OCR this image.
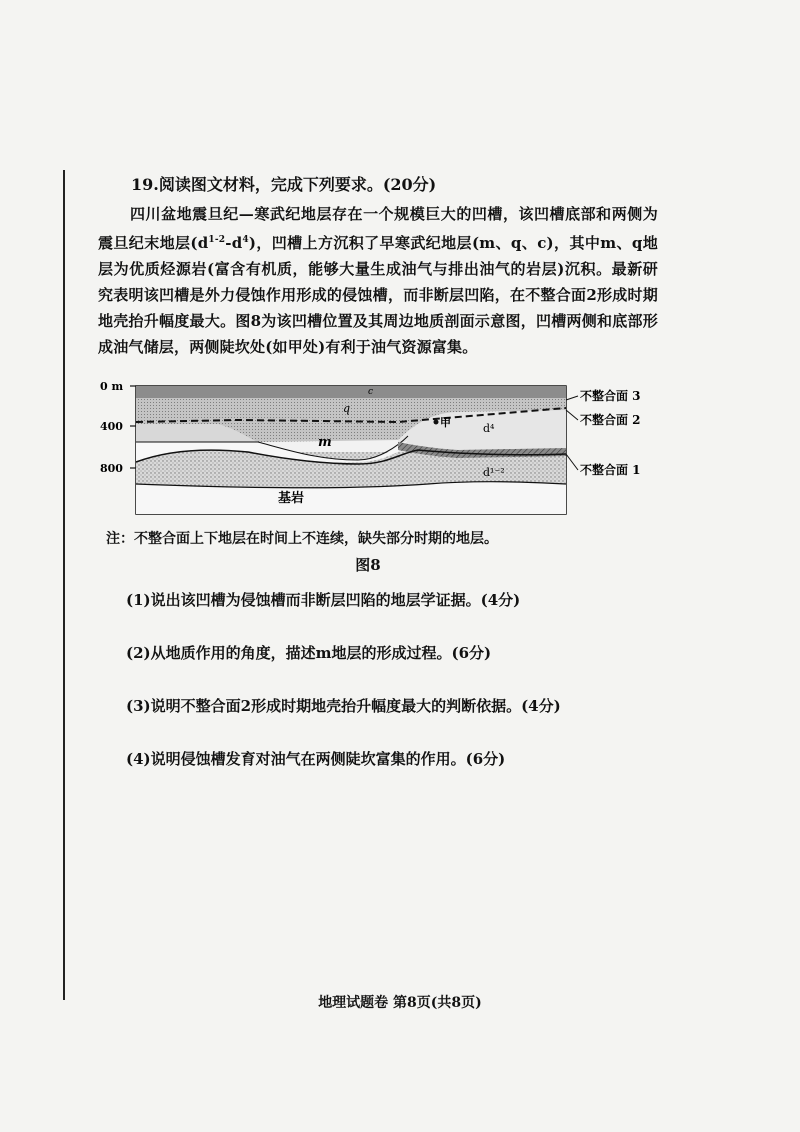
19.阅读图文材料，完成下列要求。(20分)

四川盆地震旦纪—寒武纪地层存在一个规模巨大的凹槽，该凹槽底部和两侧为震旦纪末地层$(d^{1-2}-d^4)$，凹槽上方沉积了早寒武纪地层(m、q、c)，其中m、q地层为优质烃源岩(富含有机质，能够大量生成油气与排出油气的岩层)沉积。最新研究表明该凹槽是外力侵蚀作用形成的侵蚀槽，而非断层凹陷，在不整合面2形成时期地壳抬升幅度最大。图8为该凹槽位置及其周边地质剖面示意图，凹槽两侧和底部形成油气储层，两侧陡坎处(如甲处)有利于油气资源富集。

0 m
400
800
c
q
m
甲	d⁴
d¹⁻²
基岩
不整合面 3
不整合面 2
不整合面 1
注：不整合面上下地层在时间上不连续，缺失部分时期的地层。
图8
(1)说出该凹槽为侵蚀槽而非断层凹陷的地层学证据。(4分)
(2)从地质作用的角度，描述m地层的形成过程。(6分)
(3)说明不整合面2形成时期地壳抬升幅度最大的判断依据。(4分)
(4)说明侵蚀槽发育对油气在两侧陡坎富集的作用。(6分)
地理试题卷 第8页(共8页)
